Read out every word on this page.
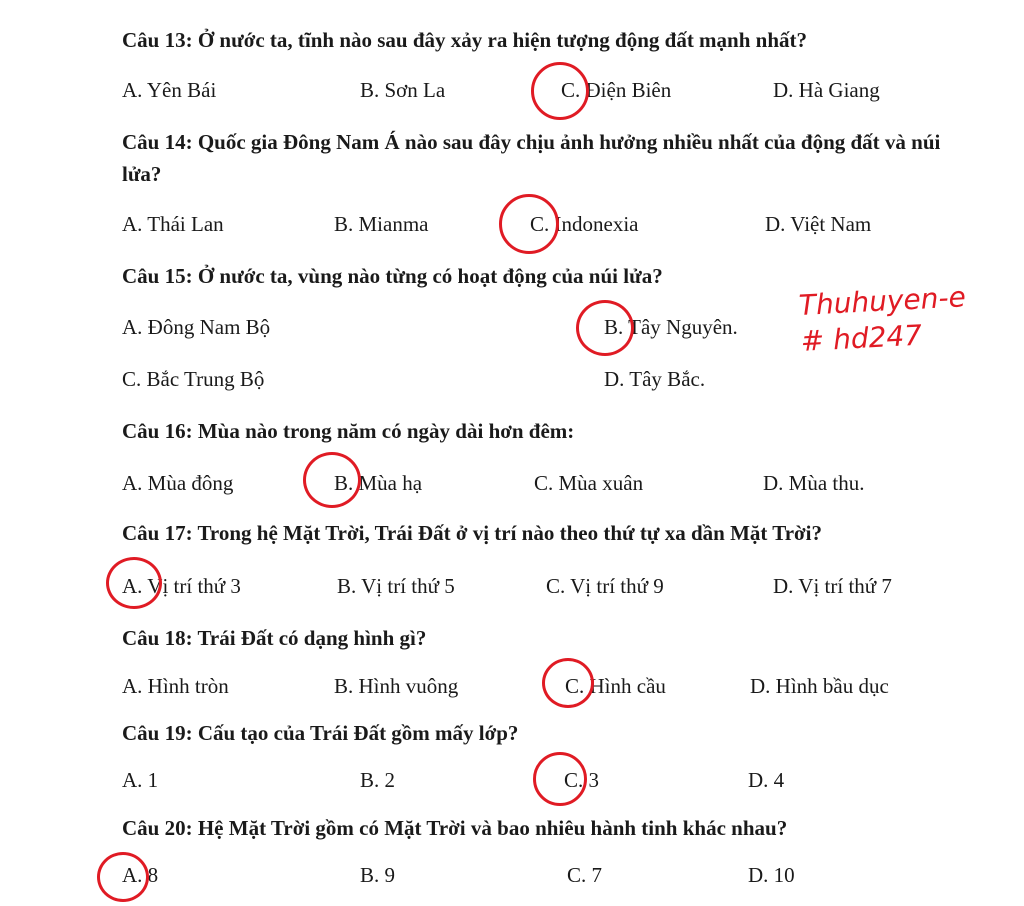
Câu 13: Ở nước ta, tĩnh nào sau đây xảy ra hiện tượng động đất mạnh nhất?
A. Yên Bái	B. Sơn La	C. Điện Biên	D. Hà Giang
Câu 14: Quốc gia Đông Nam Á nào sau đây chịu ảnh hưởng nhiều nhất của động đất và núi lửa?
A. Thái Lan	B. Mianma	C. Indonexia	D. Việt Nam
Câu 15: Ở nước ta, vùng nào từng có hoạt động của núi lửa?
A. Đông Nam Bộ	B. Tây Nguyên.
C. Bắc Trung Bộ	D. Tây Bắc.
Thuhuyen-e
# hd247
Câu 16: Mùa nào trong năm có ngày dài hơn đêm:
A. Mùa đông	B. Mùa hạ	C. Mùa xuân	D. Mùa thu.
Câu 17: Trong hệ Mặt Trời, Trái Đất ở vị trí nào theo thứ tự xa dần Mặt Trời?
A. Vị trí thứ 3	B. Vị trí thứ 5	C. Vị trí thứ 9	D. Vị trí thứ 7
Câu 18: Trái Đất có dạng hình gì?
A. Hình tròn	B. Hình vuông	C. Hình cầu	D. Hình bầu dục
Câu 19: Cấu tạo của Trái Đất gồm mấy lớp?
A. 1	B. 2	C. 3	D. 4
Câu 20: Hệ Mặt Trời gồm có Mặt Trời và bao nhiêu hành tinh khác nhau?
A. 8	B. 9	C. 7	D. 10
